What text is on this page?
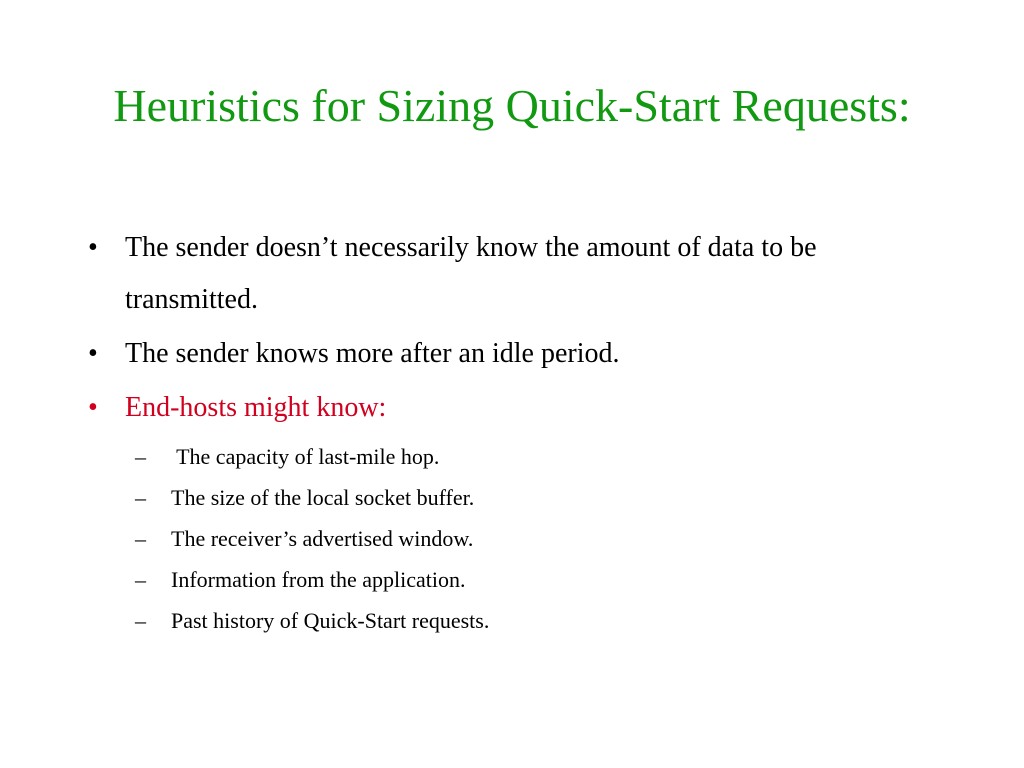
Heuristics for Sizing Quick-Start Requests:
• The sender doesn’t necessarily know the amount of data to be transmitted.
• The sender knows more after an idle period.
• End-hosts might know:
– The capacity of last-mile hop.
– The size of the local socket buffer.
– The receiver’s advertised window.
– Information from the application.
– Past history of Quick-Start requests.
